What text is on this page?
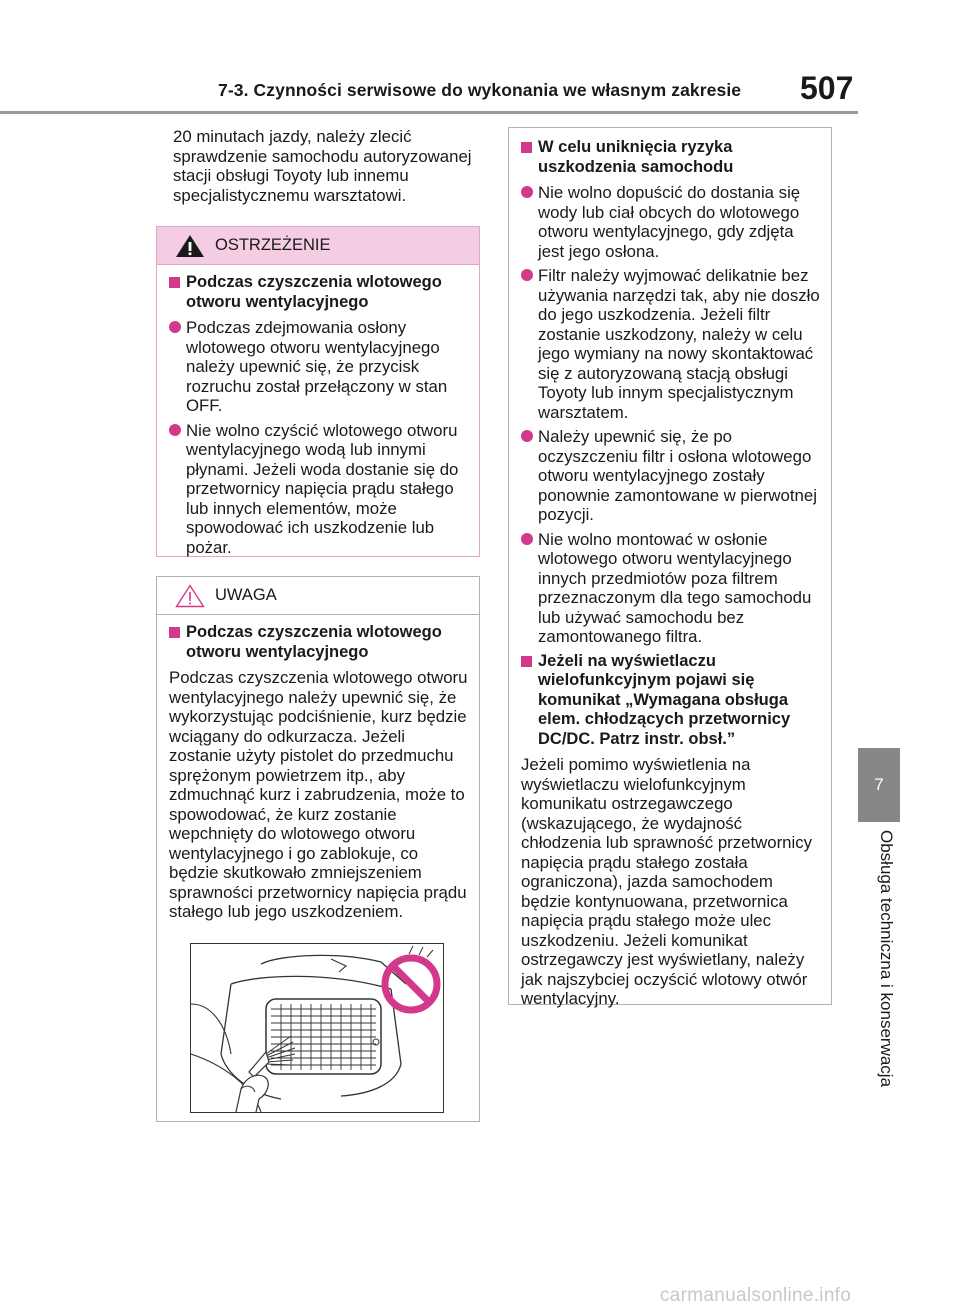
7-3. Czynności serwisowe do wykonania we własnym zakresie 507
7
Obsługa techniczna i konserwacja
20 minutach jazdy, należy zlecić sprawdzenie samochodu autoryzowanej stacji obsługi Toyoty lub innemu specjalistycznemu warsztatowi.
OSTRZEŻENIE
Podczas czyszczenia wlotowego otworu wentylacyjnego
Podczas zdejmowania osłony wlotowego otworu wentylacyjnego należy upewnić się, że przycisk rozruchu został przełączony w stan OFF.
Nie wolno czyścić wlotowego otworu wentylacyjnego wodą lub innymi płynami. Jeżeli woda dostanie się do przetwornicy napięcia prądu stałego lub innych elementów, może spowodować ich uszkodzenie lub pożar.
UWAGA
Podczas czyszczenia wlotowego otworu wentylacyjnego
Podczas czyszczenia wlotowego otworu wentylacyjnego należy upewnić się, że wykorzystując podciśnienie, kurz będzie wciągany do odkurzacza. Jeżeli zostanie użyty pistolet do przedmuchu sprężonym powietrzem itp., aby zdmuchnąć kurz i zabrudzenia, może to spowodować, że kurz zostanie wepchnięty do wlotowego otworu wentylacyjnego i go zablokuje, co będzie skutkowało zmniejszeniem sprawności przetwornicy napięcia prądu stałego lub jego uszkodzeniem.
W celu uniknięcia ryzyka uszkodzenia samochodu
Nie wolno dopuścić do dostania się wody lub ciał obcych do wlotowego otworu wentylacyjnego, gdy zdjęta jest jego osłona.
Filtr należy wyjmować delikatnie bez używania narzędzi tak, aby nie doszło do jego uszkodzenia. Jeżeli filtr zostanie uszkodzony, należy w celu jego wymiany na nowy skontaktować się z autoryzowaną stacją obsługi Toyoty lub innym specjalistycznym warsztatem.
Należy upewnić się, że po oczyszczeniu filtr i osłona wlotowego otworu wentylacyjnego zostały ponownie zamontowane w pierwotnej pozycji.
Nie wolno montować w osłonie wlotowego otworu wentylacyjnego innych przedmiotów poza filtrem przeznaczonym dla tego samochodu lub używać samochodu bez zamontowanego filtra.
Jeżeli na wyświetlaczu wielofunkcyjnym pojawi się komunikat „Wymagana obsługa elem. chłodzących przetwornicy DC/DC. Patrz instr. obsł.”
Jeżeli pomimo wyświetlenia na wyświetlaczu wielofunkcyjnym komunikatu ostrzegawczego (wskazującego, że wydajność chłodzenia lub sprawność przetwornicy napięcia prądu stałego została ograniczona), jazda samochodem będzie kontynuowana, przetwornica napięcia prądu stałego może ulec uszkodzeniu. Jeżeli komunikat ostrzegawczy jest wyświetlany, należy jak najszybciej oczyścić wlotowy otwór wentylacyjny.
carmanualsonline.info
